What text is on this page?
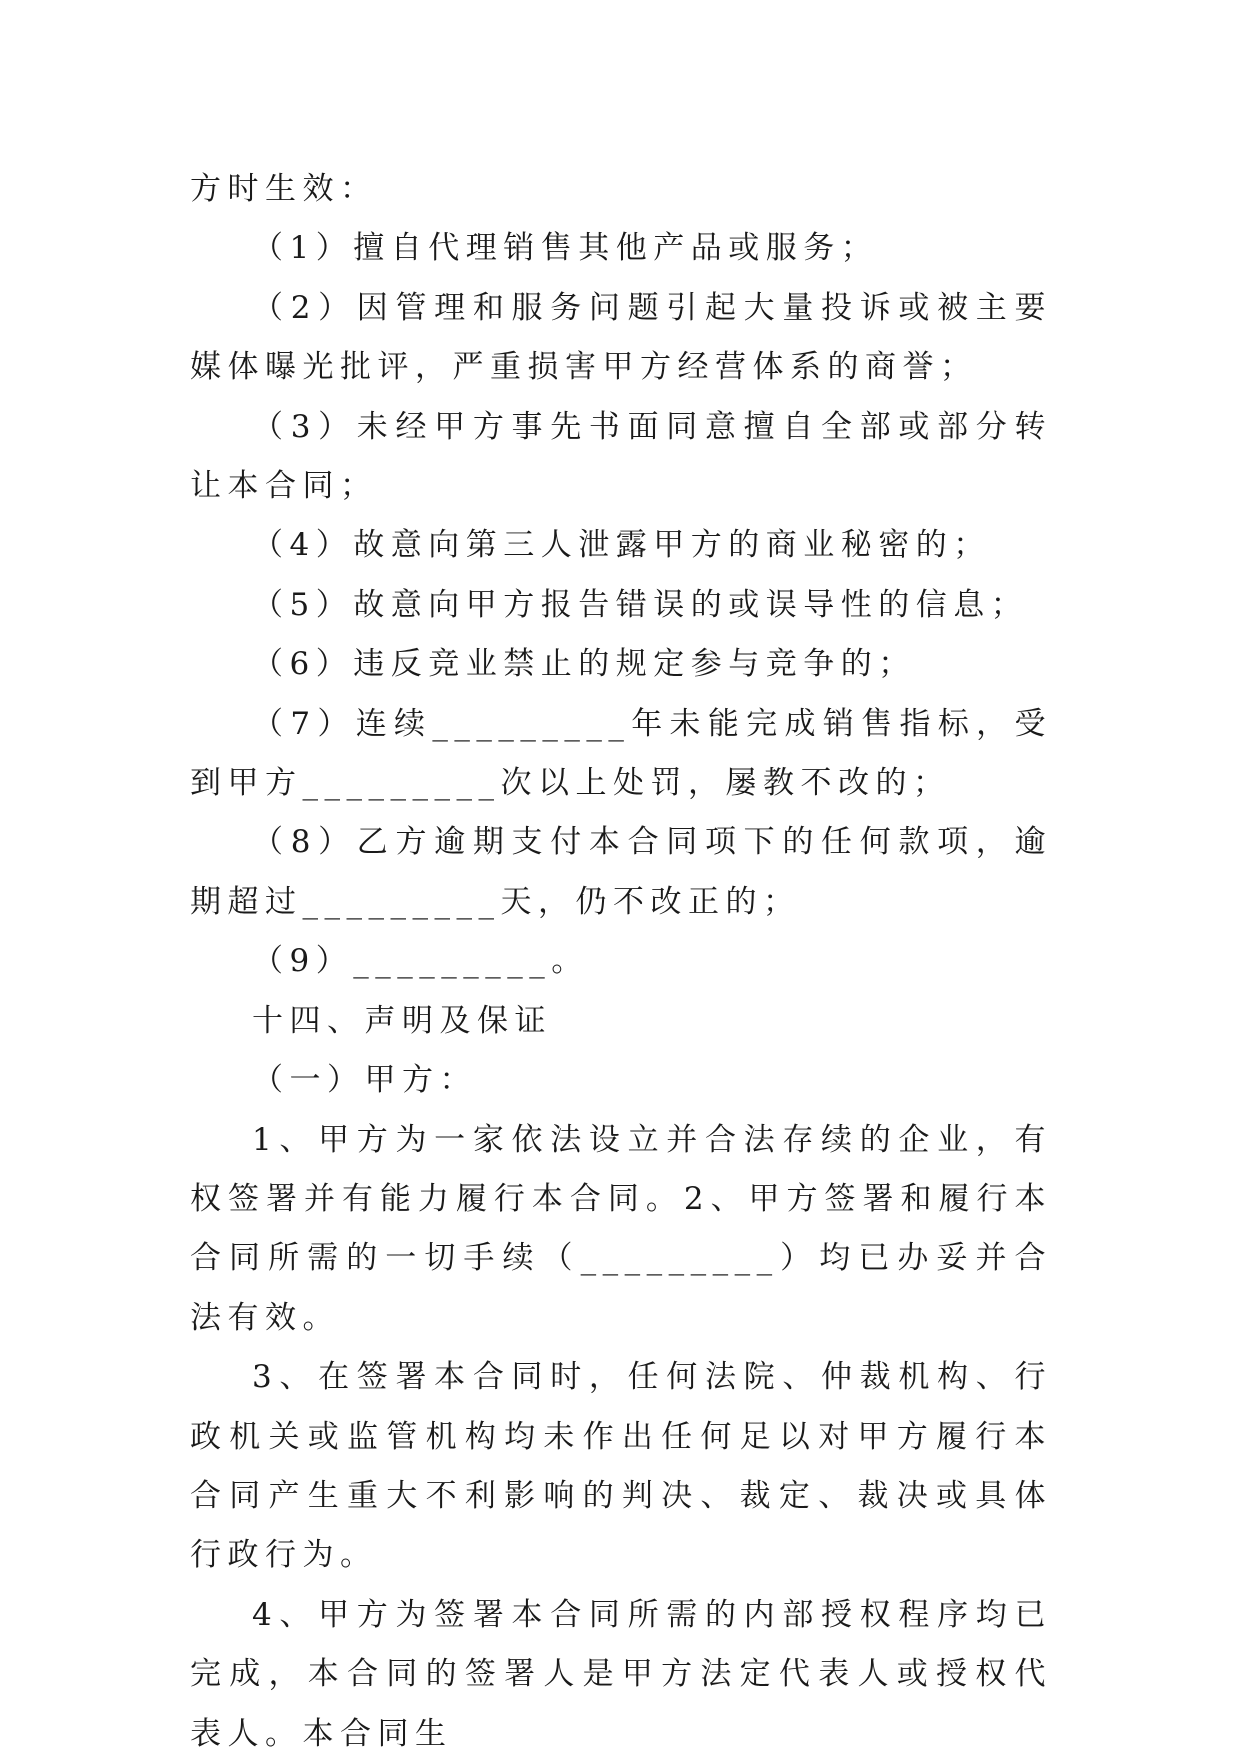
方时生效：

（1）擅自代理销售其他产品或服务；

（2）因管理和服务问题引起大量投诉或被主要媒体曝光批评，严重损害甲方经营体系的商誉；

（3）未经甲方事先书面同意擅自全部或部分转让本合同；

（4）故意向第三人泄露甲方的商业秘密的；

（5）故意向甲方报告错误的或误导性的信息；

（6）违反竞业禁止的规定参与竞争的；

（7）连续_________年未能完成销售指标，受到甲方_________次以上处罚，屡教不改的；

（8）乙方逾期支付本合同项下的任何款项，逾期超过_________天，仍不改正的；

（9）_________。

十四、声明及保证

（一）甲方：

1、甲方为一家依法设立并合法存续的企业，有权签署并有能力履行本合同。2、甲方签署和履行本合同所需的一切手续（_________）均已办妥并合法有效。

3、在签署本合同时，任何法院、仲裁机构、行政机关或监管机构均未作出任何足以对甲方履行本合同产生重大不利影响的判决、裁定、裁决或具体行政行为。

4、甲方为签署本合同所需的内部授权程序均已完成，本合同的签署人是甲方法定代表人或授权代表人。本合同生
